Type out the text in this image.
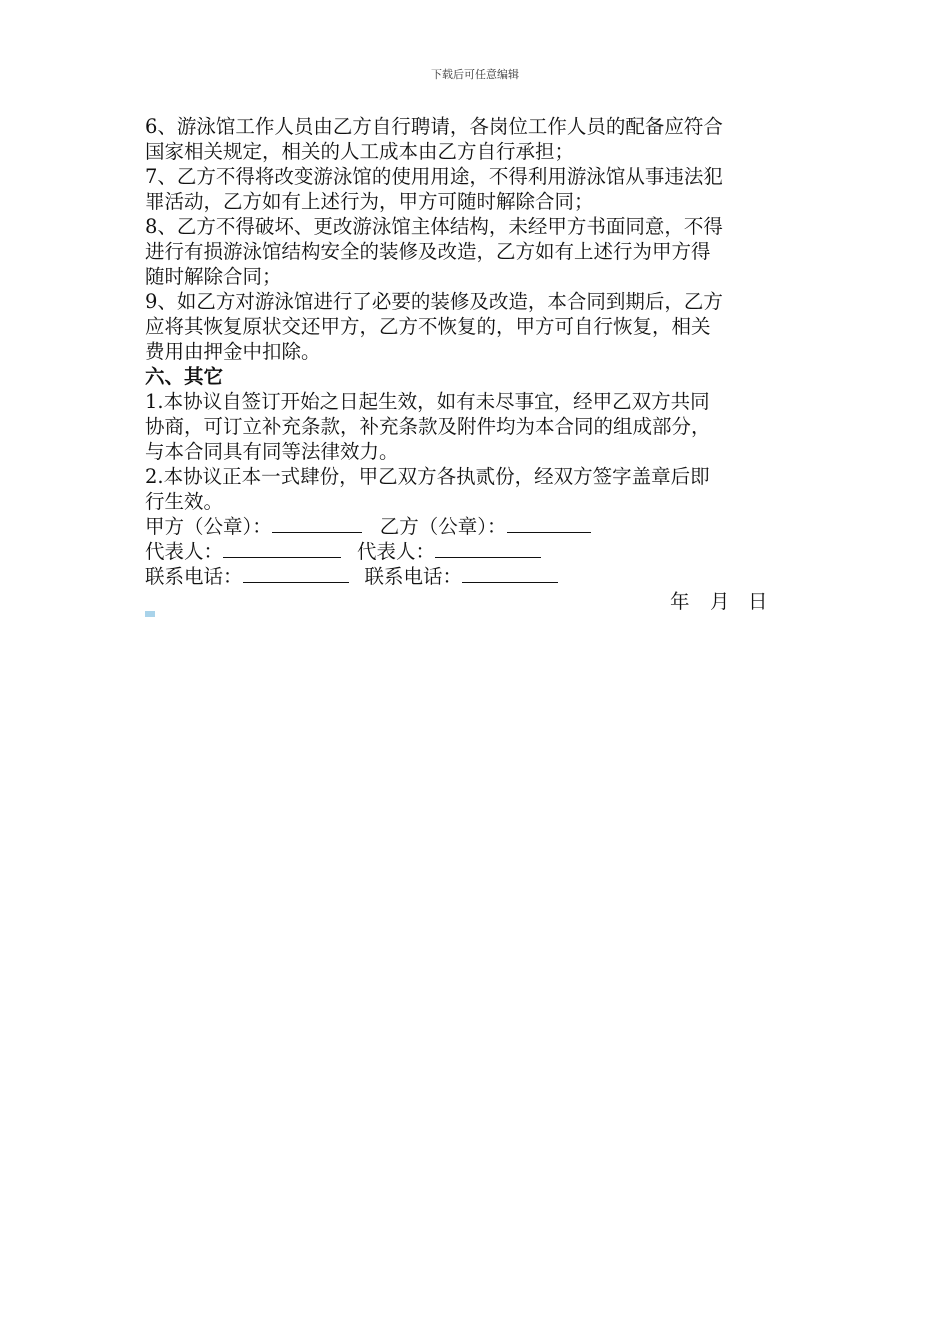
下载后可任意编辑

6、游泳馆工作人员由乙方自行聘请，各岗位工作人员的配备应符合

国家相关规定，相关的人工成本由乙方自行承担；

7、乙方不得将改变游泳馆的使用用途，不得利用游泳馆从事违法犯

罪活动，乙方如有上述行为，甲方可随时解除合同；

8、乙方不得破坏、更改游泳馆主体结构，未经甲方书面同意，不得

进行有损游泳馆结构安全的装修及改造，乙方如有上述行为甲方得

随时解除合同；

9、如乙方对游泳馆进行了必要的装修及改造，本合同到期后，乙方

应将其恢复原状交还甲方，乙方不恢复的，甲方可自行恢复，相关

费用由押金中扣除。

六、其它

1.本协议自签订开始之日起生效，如有未尽事宜，经甲乙双方共同

协商，可订立补充条款，补充条款及附件均为本合同的组成部分，

与本合同具有同等法律效力。

2.本协议正本一式肆份，甲乙双方各执贰份，经双方签字盖章后即

行生效。

甲方（公章）：	乙方（公章）：
代表人：	代表人：
联系电话：	联系电话：
年 月 日
